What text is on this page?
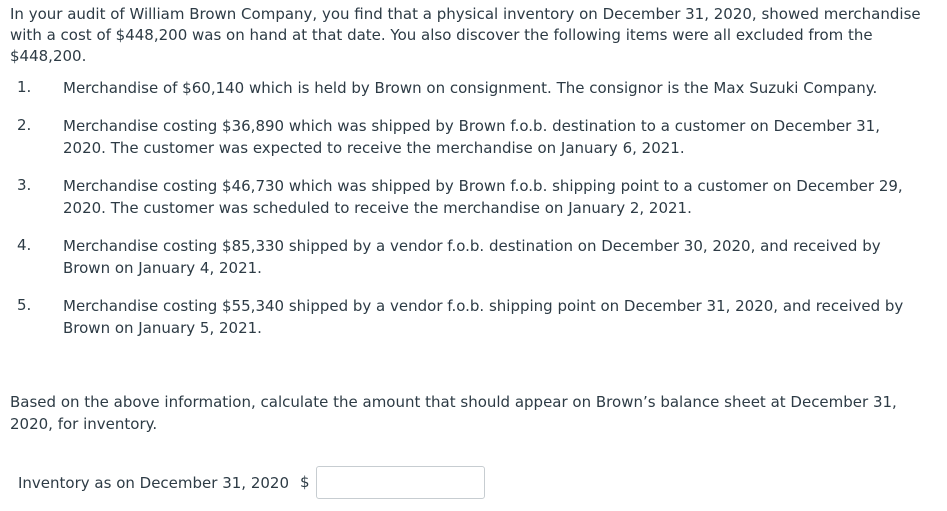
In your audit of William Brown Company, you find that a physical inventory on December 31, 2020, showed merchandise with a cost of $448,200 was on hand at that date. You also discover the following items were all excluded from the $448,200.
1.	Merchandise of $60,140 which is held by Brown on consignment. The consignor is the Max Suzuki Company.
2.	Merchandise costing $36,890 which was shipped by Brown f.o.b. destination to a customer on December 31, 2020. The customer was expected to receive the merchandise on January 6, 2021.
3.	Merchandise costing $46,730 which was shipped by Brown f.o.b. shipping point to a customer on December 29, 2020. The customer was scheduled to receive the merchandise on January 2, 2021.
4.	Merchandise costing $85,330 shipped by a vendor f.o.b. destination on December 30, 2020, and received by Brown on January 4, 2021.
5.	Merchandise costing $55,340 shipped by a vendor f.o.b. shipping point on December 31, 2020, and received by Brown on January 5, 2021.
Based on the above information, calculate the amount that should appear on Brown’s balance sheet at December 31, 2020, for inventory.
Inventory as on December 31, 2020 $
